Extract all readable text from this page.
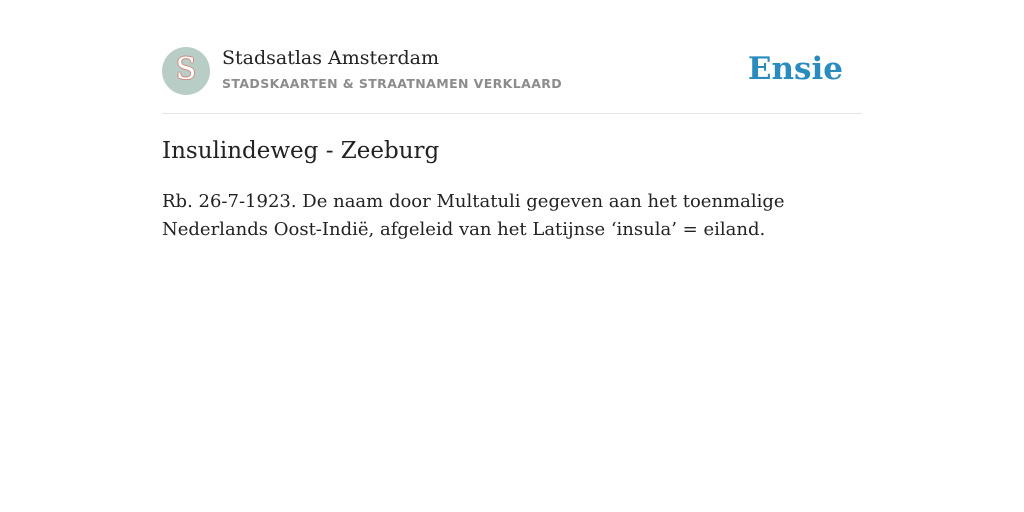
S Stadsatlas Amsterdam
STADSKAARTEN & STRAATNAMEN VERKLAARD	Ensie
Insulindeweg - Zeeburg

Rb. 26-7-1923. De naam door Multatuli gegeven aan het toenmalige Nederlands Oost-Indië, afgeleid van het Latijnse ‘insula’ = eiland.
